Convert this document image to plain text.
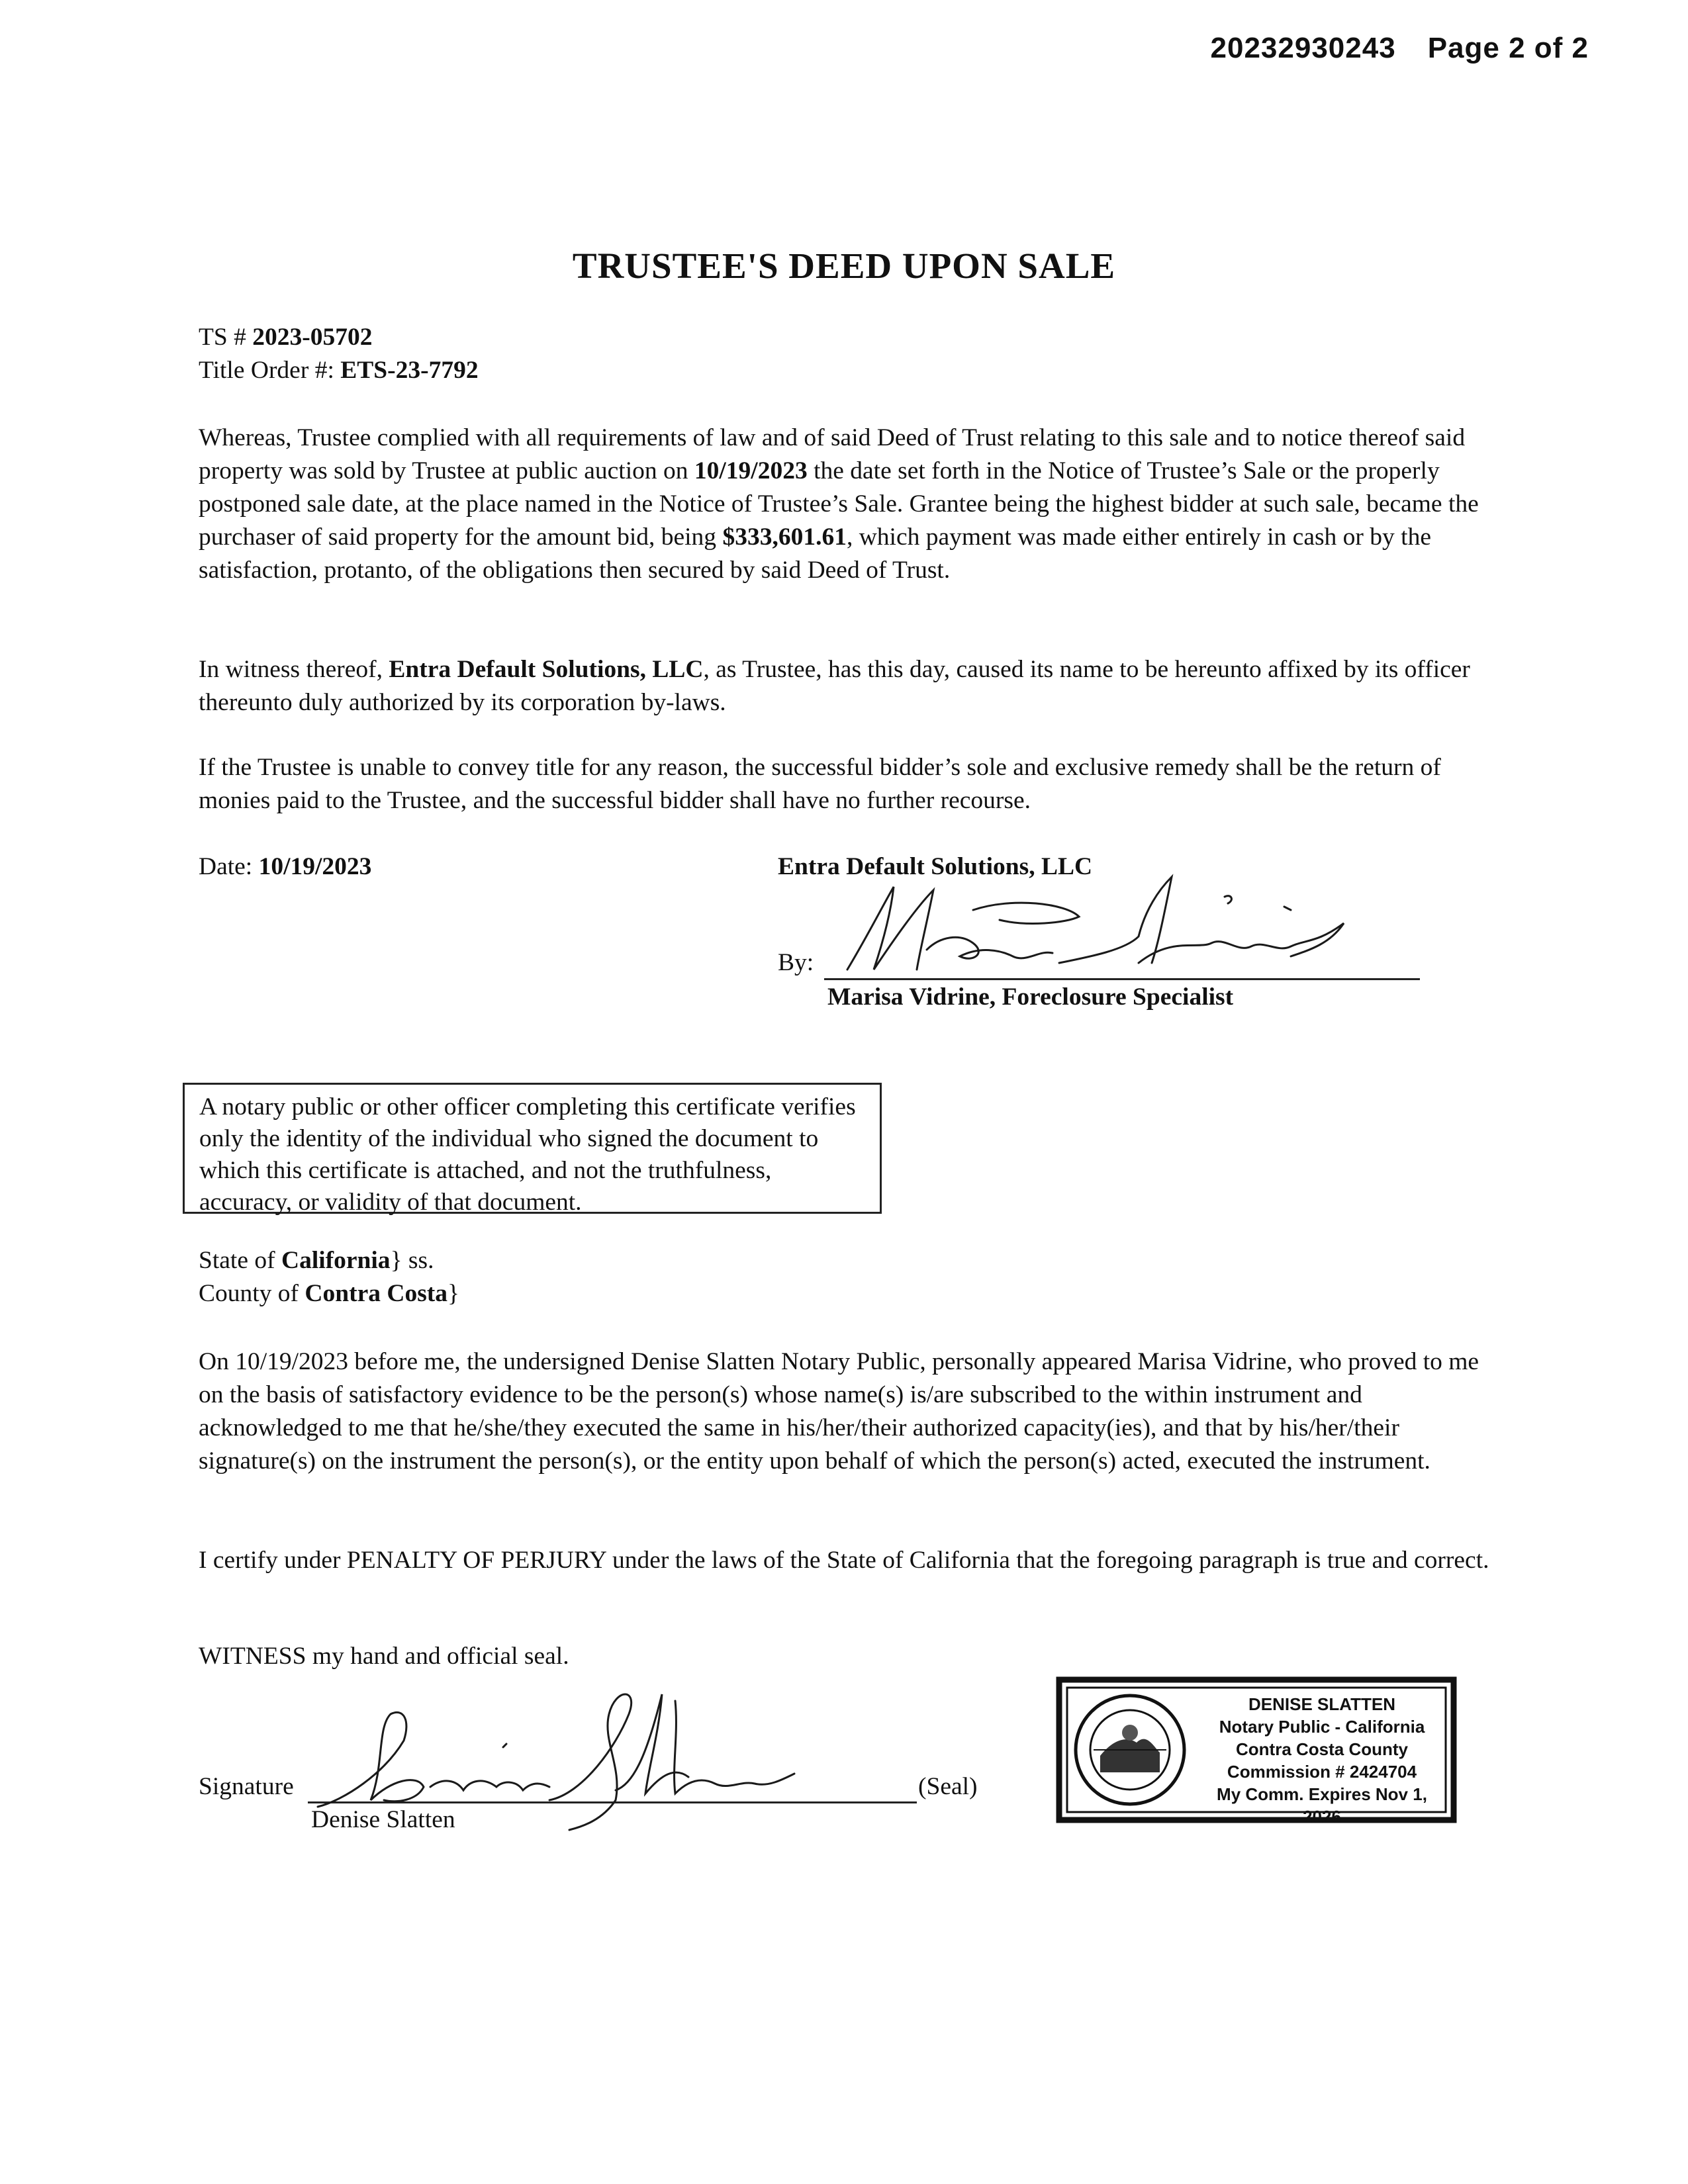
20232930243 Page 2 of 2
TRUSTEE'S DEED UPON SALE
TS # 2023-05702
Title Order #: ETS-23-7792
Whereas, Trustee complied with all requirements of law and of said Deed of Trust relating to this sale and to notice thereof said property was sold by Trustee at public auction on 10/19/2023 the date set forth in the Notice of Trustee’s Sale or the properly postponed sale date, at the place named in the Notice of Trustee’s Sale. Grantee being the highest bidder at such sale, became the purchaser of said property for the amount bid, being $333,601.61, which payment was made either entirely in cash or by the satisfaction, protanto, of the obligations then secured by said Deed of Trust.
In witness thereof, Entra Default Solutions, LLC, as Trustee, has this day, caused its name to be hereunto affixed by its officer thereunto duly authorized by its corporation by-laws.
If the Trustee is unable to convey title for any reason, the successful bidder’s sole and exclusive remedy shall be the return of monies paid to the Trustee, and the successful bidder shall have no further recourse.
Date: 10/19/2023	Entra Default Solutions, LLC
By:
Marisa Vidrine, Foreclosure Specialist
A notary public or other officer completing this certificate verifies only the identity of the individual who signed the document to which this certificate is attached, and not the truthfulness, accuracy, or validity of that document.
State of California} ss.
County of Contra Costa}
On 10/19/2023 before me, the undersigned Denise Slatten Notary Public, personally appeared Marisa Vidrine, who proved to me on the basis of satisfactory evidence to be the person(s) whose name(s) is/are subscribed to the within instrument and acknowledged to me that he/she/they executed the same in his/her/their authorized capacity(ies), and that by his/her/their signature(s) on the instrument the person(s), or the entity upon behalf of which the person(s) acted, executed the instrument.
I certify under PENALTY OF PERJURY under the laws of the State of California that the foregoing paragraph is true and correct.
WITNESS my hand and official seal.
Signature
Denise Slatten
(Seal)
DENISE SLATTEN
Notary Public - California
Contra Costa County
Commission # 2424704
My Comm. Expires Nov 1, 2026
